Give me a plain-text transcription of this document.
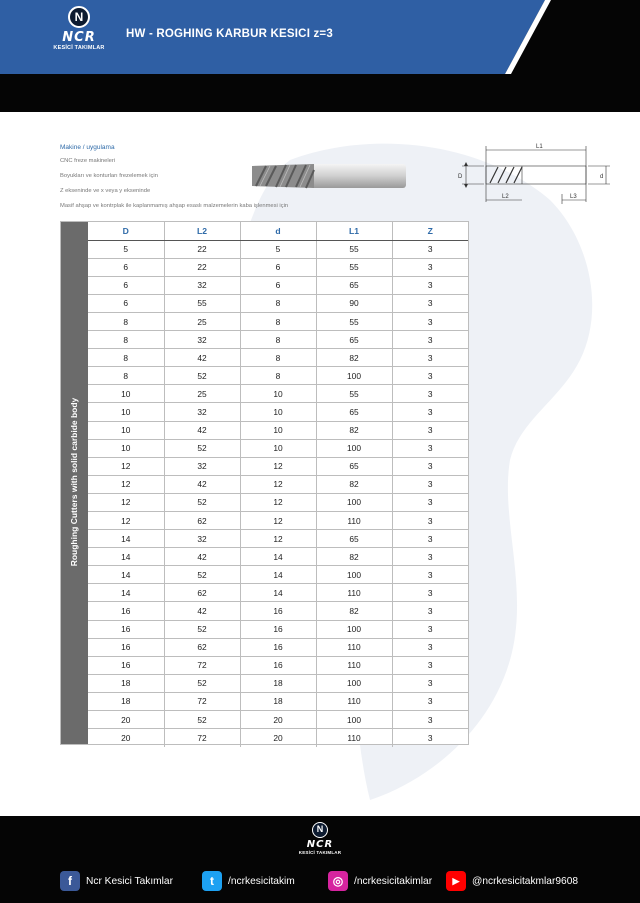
N
NCR
KESİCİ TAKIMLAR
HW - ROGHING KARBUR KESICI z=3
Makine / uygulama
CNC freze makineleri
Boyukları ve konturları frezelemek için
Z ekseninde ve x veya y ekseninde
Masif ahşap ve kontrplak ile kaplanmamış ahşap esaslı malzemelerin kaba işlenmesi için
L1
L2	L3
D	d
Roughing Cutters with solid carbide body
D	L2	d	L1	Z
5	22	5	55	3
6	22	6	55	3
6	32	6	65	3
6	55	8	90	3
8	25	8	55	3
8	32	8	65	3
8	42	8	82	3
8	52	8	100	3
10	25	10	55	3
10	32	10	65	3
10	42	10	82	3
10	52	10	100	3
12	32	12	65	3
12	42	12	82	3
12	52	12	100	3
12	62	12	110	3
14	32	12	65	3
14	42	14	82	3
14	52	14	100	3
14	62	14	110	3
16	42	16	82	3
16	52	16	100	3
16	62	16	110	3
16	72	16	110	3
18	52	18	100	3
18	72	18	110	3
20	52	20	100	3
20	72	20	110	3
N
NCR
KESİCİ TAKIMLAR
f	Ncr Kesici Takımlar	t	/ncrkesicitakim	◎	/ncrkesicitakimlar	▶	@ncrkesicitakmlar9608
